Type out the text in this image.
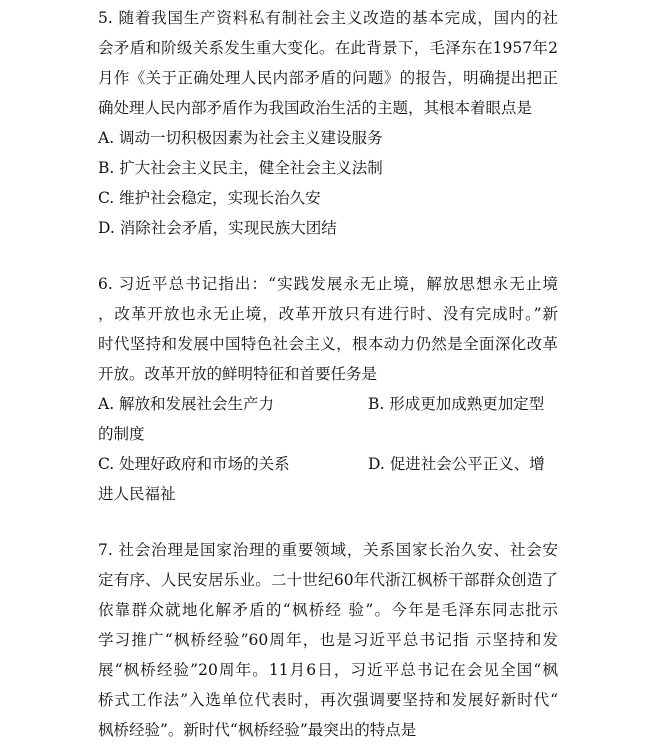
5. 随着我国生产资料私有制社会主义改造的基本完成，国内的社
会矛盾和阶级关系发生重大变化。在此背景下，毛泽东在1957年2
月作《关于正确处理人民内部矛盾的问题》的报告，明确提出把正
确处理人民内部矛盾作为我国政治生活的主题，其根本着眼点是
A. 调动一切积极因素为社会主义建设服务
B. 扩大社会主义民主，健全社会主义法制
C. 维护社会稳定，实现长治久安
D. 消除社会矛盾，实现民族大团结
6. 习近平总书记指出：“实践发展永无止境，解放思想永无止境
，改革开放也永无止境，改革开放只有进行时、没有完成时。”新
时代坚持和发展中国特色社会主义，根本动力仍然是全面深化改革
开放。改革开放的鲜明特征和首要任务是
A. 解放和发展社会生产力	B. 形成更加成熟更加定型
的制度
C. 处理好政府和市场的关系	D. 促进社会公平正义、增
进人民福祉
7. 社会治理是国家治理的重要领域，关系国家长治久安、社会安
定有序、人民安居乐业。二十世纪60年代浙江枫桥干部群众创造了
依靠群众就地化解矛盾的“枫桥经 验”。今年是毛泽东同志批示
学习推广“枫桥经验”60周年，也是习近平总书记指 示坚持和发
展“枫桥经验”20周年。11月6日，习近平总书记在会见全国“枫
桥式工作法”入选单位代表时，再次强调要坚持和发展好新时代“
枫桥经验”。新时代“枫桥经验”最突出的特点是
